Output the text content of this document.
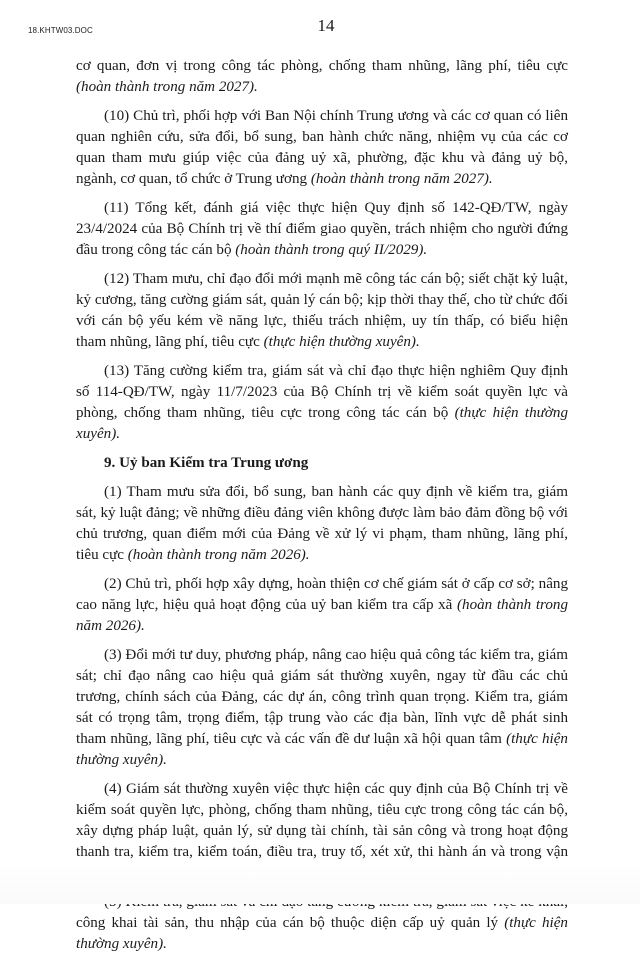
18.KHTW03.DOC	14

cơ quan, đơn vị trong công tác phòng, chống tham nhũng, lãng phí, tiêu cực (hoàn thành trong năm 2027).

(10) Chủ trì, phối hợp với Ban Nội chính Trung ương và các cơ quan có liên quan nghiên cứu, sửa đổi, bổ sung, ban hành chức năng, nhiệm vụ của các cơ quan tham mưu giúp việc của đảng uỷ xã, phường, đặc khu và đảng uỷ bộ, ngành, cơ quan, tổ chức ở Trung ương (hoàn thành trong năm 2027).

(11) Tổng kết, đánh giá việc thực hiện Quy định số 142-QĐ/TW, ngày 23/4/2024 của Bộ Chính trị về thí điểm giao quyền, trách nhiệm cho người đứng đầu trong công tác cán bộ (hoàn thành trong quý II/2029).

(12) Tham mưu, chỉ đạo đổi mới mạnh mẽ công tác cán bộ; siết chặt kỷ luật, kỷ cương, tăng cường giám sát, quản lý cán bộ; kịp thời thay thế, cho từ chức đối với cán bộ yếu kém về năng lực, thiếu trách nhiệm, uy tín thấp, có biểu hiện tham nhũng, lãng phí, tiêu cực (thực hiện thường xuyên).

(13) Tăng cường kiểm tra, giám sát và chỉ đạo thực hiện nghiêm Quy định số 114-QĐ/TW, ngày 11/7/2023 của Bộ Chính trị về kiểm soát quyền lực và phòng, chống tham nhũng, tiêu cực trong công tác cán bộ (thực hiện thường xuyên).

9. Uỷ ban Kiểm tra Trung ương

(1) Tham mưu sửa đổi, bổ sung, ban hành các quy định về kiểm tra, giám sát, kỷ luật đảng; về những điều đảng viên không được làm bảo đảm đồng bộ với chủ trương, quan điểm mới của Đảng về xử lý vi phạm, tham nhũng, lãng phí, tiêu cực (hoàn thành trong năm 2026).

(2) Chủ trì, phối hợp xây dựng, hoàn thiện cơ chế giám sát ở cấp cơ sở; nâng cao năng lực, hiệu quả hoạt động của uỷ ban kiểm tra cấp xã (hoàn thành trong năm 2026).

(3) Đổi mới tư duy, phương pháp, nâng cao hiệu quả công tác kiểm tra, giám sát; chỉ đạo nâng cao hiệu quả giám sát thường xuyên, ngay từ đầu các chủ trương, chính sách của Đảng, các dự án, công trình quan trọng. Kiểm tra, giám sát có trọng tâm, trọng điểm, tập trung vào các địa bàn, lĩnh vực dễ phát sinh tham nhũng, lãng phí, tiêu cực và các vấn đề dư luận xã hội quan tâm (thực hiện thường xuyên).

(4) Giám sát thường xuyên việc thực hiện các quy định của Bộ Chính trị về kiểm soát quyền lực, phòng, chống tham nhũng, tiêu cực trong công tác cán bộ, xây dựng pháp luật, quản lý, sử dụng tài chính, tài sản công và trong hoạt động thanh tra, kiểm tra, kiểm toán, điều tra, truy tố, xét xử, thi hành án và trong vận

công khai tài sản, thu nhập của cán bộ thuộc diện cấp uỷ quản lý (thực hiện thường xuyên).
